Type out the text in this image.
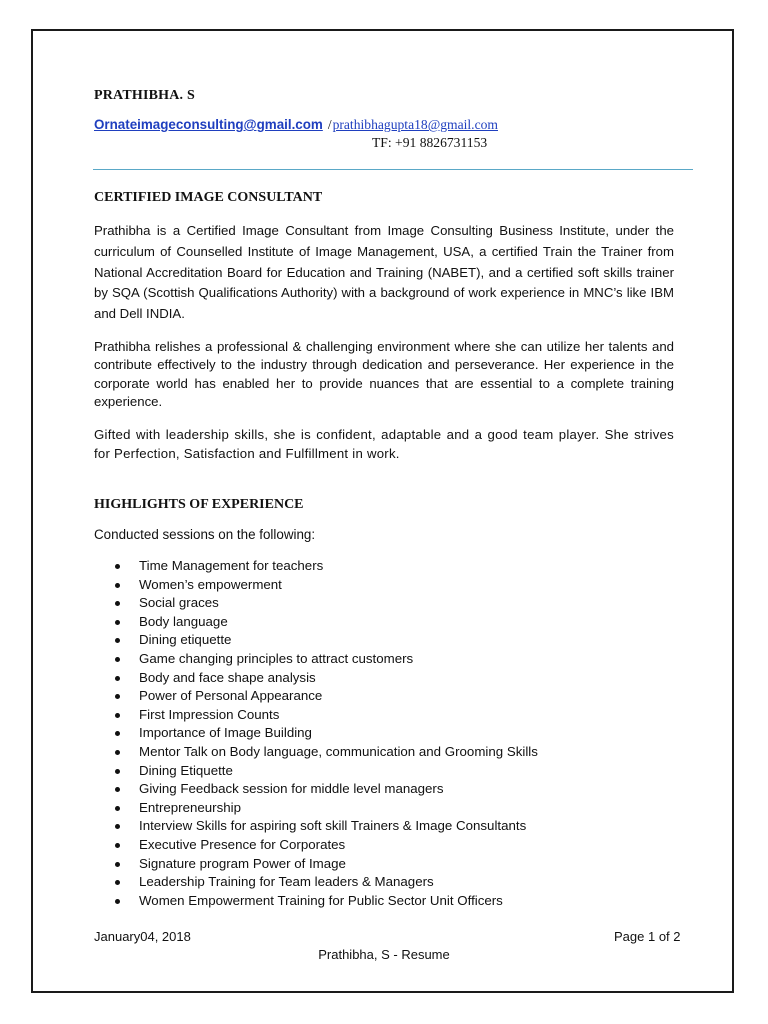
PRATHIBHA. S
Ornateimageconsulting@gmail.com /prathibhagupta18@gmail.com
TF: +91 8826731153
CERTIFIED IMAGE CONSULTANT

Prathibha is a Certified Image Consultant from Image Consulting Business Institute, under the curriculum of Counselled Institute of Image Management, USA, a certified Train the Trainer from National Accreditation Board for Education and Training (NABET), and a certified soft skills trainer by SQA (Scottish Qualifications Authority) with a background of work experience in MNC’s like IBM and Dell INDIA.

Prathibha relishes a professional & challenging environment where she can utilize her talents and contribute effectively to the industry through dedication and perseverance. Her experience in the corporate world has enabled her to provide nuances that are essential to a complete training experience.

Gifted with leadership skills, she is confident, adaptable and a good team player. She strives for Perfection, Satisfaction and Fulfillment in work.

HIGHLIGHTS OF EXPERIENCE
Conducted sessions on the following:
Time Management for teachers
Women’s empowerment
Social graces
Body language
Dining etiquette
Game changing principles to attract customers
Body and face shape analysis
Power of Personal Appearance
First Impression Counts
Importance of Image Building
Mentor Talk on Body language, communication and Grooming Skills
Dining Etiquette
Giving Feedback session for middle level managers
Entrepreneurship
Interview Skills for aspiring soft skill Trainers & Image Consultants
Executive Presence for Corporates
Signature program Power of Image
Leadership Training for Team leaders & Managers
Women Empowerment Training for Public Sector Unit Officers
January04, 2018	Page 1 of 2
Prathibha, S - Resume
